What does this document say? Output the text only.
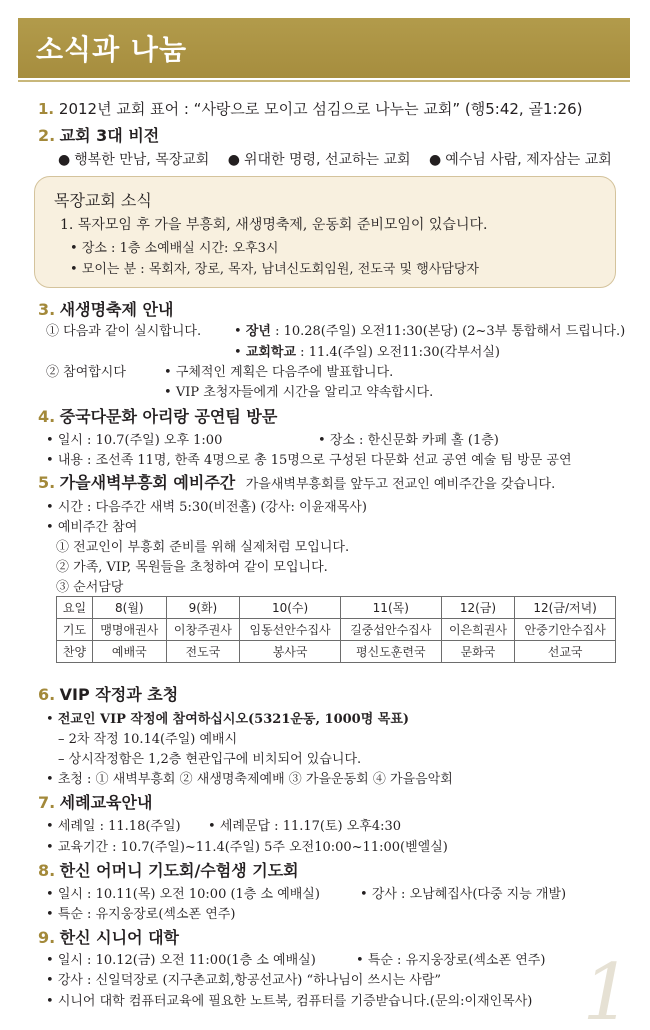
소식과 나눔
1. 2012년 교회 표어 : “사랑으로 모이고 섬김으로 나누는 교회” (행5:42, 골1:26)
2. 교회 3대 비전
● 행복한 만남, 목장교회 ● 위대한 명령, 선교하는 교회 ● 예수님 사람, 제자삼는 교회
목장교회 소식
1. 목자모임 후 가을 부흥회, 새생명축제, 운동회 준비모임이 있습니다.
• 장소 : 1층 소예배실 시간: 오후3시
• 모이는 분 : 목회자, 장로, 목자, 남녀신도회임원, 전도국 및 행사담당자
3. 새생명축제 안내
① 다음과 같이 실시합니다.	• 장년 : 10.28(주일) 오전11:30(본당) (2~3부 통합해서 드립니다.)
• 교회학교 : 11.4(주일) 오전11:30(각부서실)
② 참여합시다	• 구체적인 계획은 다음주에 발표합니다.
• VIP 초청자들에게 시간을 알리고 약속합시다.
4. 중국다문화 아리랑 공연팀 방문
• 일시 : 10.7(주일) 오후 1:00	• 장소 : 한신문화 카페 홀 (1층)
• 내용 : 조선족 11명, 한족 4명으로 총 15명으로 구성된 다문화 선교 공연 예술 팀 방문 공연
5. 가을새벽부흥회 예비주간 가을새벽부흥회를 앞두고 전교인 예비주간을 갖습니다.
• 시간 : 다음주간 새벽 5:30(비전홀) (강사: 이윤재목사)
• 예비주간 참여
① 전교인이 부흥회 준비를 위해 실제처럼 모입니다.
② 가족, VIP, 목원들을 초청하여 같이 모입니다.
③ 순서담당
요일	8(월)	9(화)	10(수)	11(목)	12(금)	12(금/저녁)
기도	맹명애권사	이창주권사	임동선안수집사	길중섭안수집사	이은희권사	안중기안수집사
찬양	예배국	전도국	봉사국	평신도훈련국	문화국	선교국
6. VIP 작정과 초청
• 전교인 VIP 작정에 참여하십시오(5321운동, 1000명 목표)
– 2차 작정 10.14(주일) 예배시
– 상시작정함은 1,2층 현관입구에 비치되어 있습니다.
• 초청 : ① 새벽부흥회 ② 새생명축제예배 ③ 가을운동회 ④ 가을음악회
7. 세례교육안내
• 세례일 : 11.18(주일) • 세례문답 : 11.17(토) 오후4:30
• 교육기간 : 10.7(주일)~11.4(주일) 5주 오전10:00~11:00(벧엘실)
8. 한신 어머니 기도회/수험생 기도회
• 일시 : 10.11(목) 오전 10:00 (1층 소 예배실)	• 강사 : 오남혜집사(다중 지능 개발)
• 특순 : 유지웅장로(섹소폰 연주)
9. 한신 시니어 대학
• 일시 : 10.12(금) 오전 11:00(1층 소 예배실)	• 특순 : 유지웅장로(섹소폰 연주)
• 강사 : 신일덕장로 (지구촌교회,항공선교사) “하나님이 쓰시는 사람”
• 시니어 대학 컴퓨터교육에 필요한 노트북, 컴퓨터를 기증받습니다.(문의:이재인목사) 1
